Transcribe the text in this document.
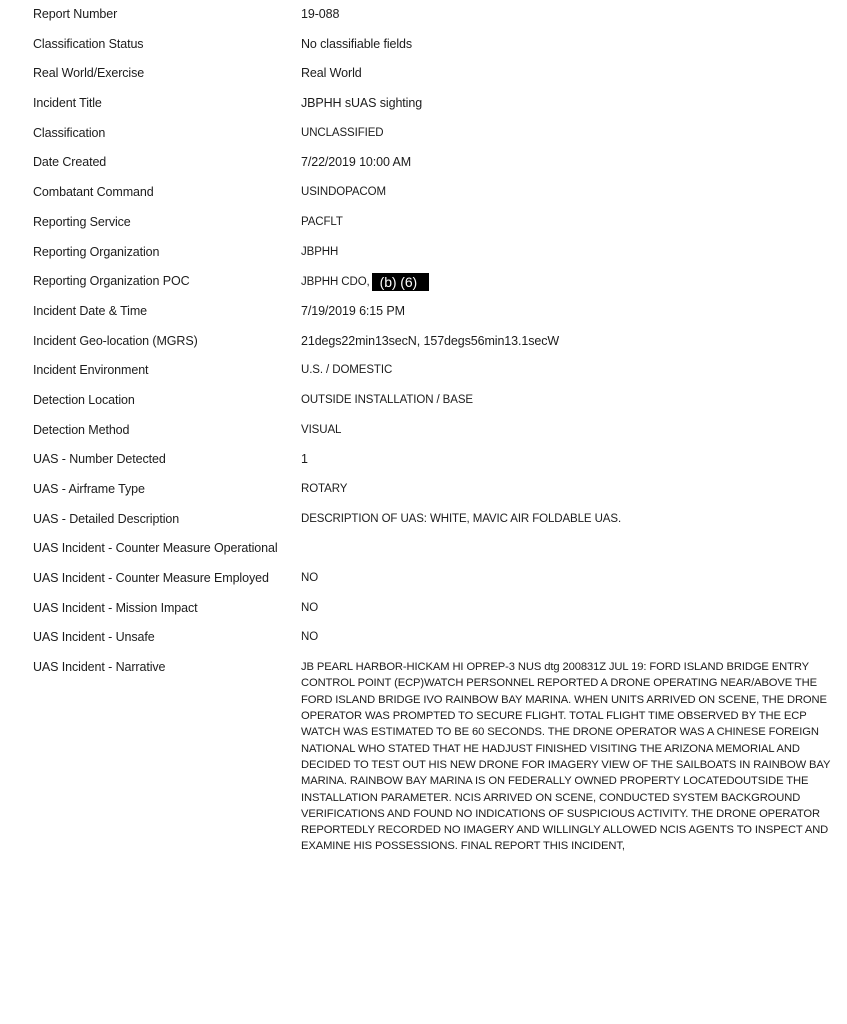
Report Number	19-088
Classification Status	No classifiable fields
Real World/Exercise	Real World
Incident Title	JBPHH sUAS sighting
Classification	UNCLASSIFIED
Date Created	7/22/2019 10:00 AM
Combatant Command	USINDOPACOM
Reporting Service	PACFLT
Reporting Organization	JBPHH
Reporting Organization POC	JBPHH CDO, (b) (6)
Incident Date & Time	7/19/2019 6:15 PM
Incident Geo-location (MGRS)	21degs22min13secN, 157degs56min13.1secW
Incident Environment	U.S. / DOMESTIC
Detection Location	OUTSIDE INSTALLATION / BASE
Detection Method	VISUAL
UAS - Number Detected	1
UAS - Airframe Type	ROTARY
UAS - Detailed Description	DESCRIPTION OF UAS: WHITE, MAVIC AIR FOLDABLE UAS.
UAS Incident - Counter Measure Operational
UAS Incident - Counter Measure Employed	NO
UAS Incident - Mission Impact	NO
UAS Incident - Unsafe	NO
UAS Incident - Narrative	JB PEARL HARBOR-HICKAM HI OPREP-3 NUS dtg 200831Z JUL 19: FORD ISLAND BRIDGE ENTRY CONTROL POINT (ECP)WATCH PERSONNEL REPORTED A DRONE OPERATING NEAR/ABOVE THE FORD ISLAND BRIDGE IVO RAINBOW BAY MARINA. WHEN UNITS ARRIVED ON SCENE, THE DRONE OPERATOR WAS PROMPTED TO SECURE FLIGHT. TOTAL FLIGHT TIME OBSERVED BY THE ECP WATCH WAS ESTIMATED TO BE 60 SECONDS. THE DRONE OPERATOR WAS A CHINESE FOREIGN NATIONAL WHO STATED THAT HE HADJUST FINISHED VISITING THE ARIZONA MEMORIAL AND DECIDED TO TEST OUT HIS NEW DRONE FOR IMAGERY VIEW OF THE SAILBOATS IN RAINBOW BAY MARINA. RAINBOW BAY MARINA IS ON FEDERALLY OWNED PROPERTY LOCATEDOUTSIDE THE INSTALLATION PARAMETER. NCIS ARRIVED ON SCENE, CONDUCTED SYSTEM BACKGROUND VERIFICATIONS AND FOUND NO INDICATIONS OF SUSPICIOUS ACTIVITY. THE DRONE OPERATOR REPORTEDLY RECORDED NO IMAGERY AND WILLINGLY ALLOWED NCIS AGENTS TO INSPECT AND EXAMINE HIS POSSESSIONS. FINAL REPORT THIS INCIDENT,
